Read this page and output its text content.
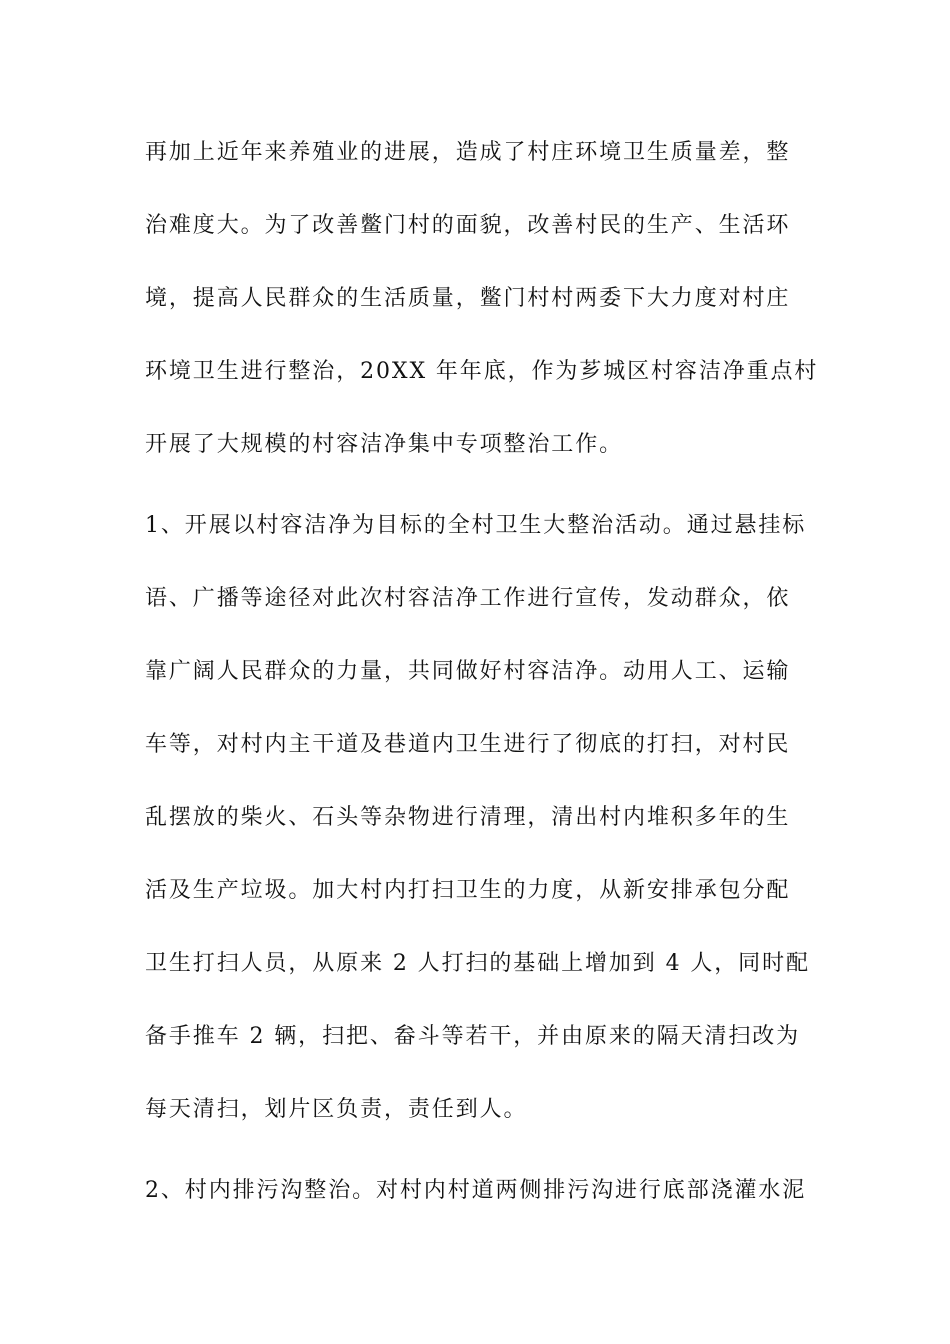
再加上近年来养殖业的进展，造成了村庄环境卫生质量差，整
治难度大。为了改善鳖门村的面貌，改善村民的生产、生活环
境，提高人民群众的生活质量，鳖门村村两委下大力度对村庄
环境卫生进行整治，20XX 年年底，作为芗城区村容洁净重点村
开展了大规模的村容洁净集中专项整治工作。
1、开展以村容洁净为目标的全村卫生大整治活动。通过悬挂标
语、广播等途径对此次村容洁净工作进行宣传，发动群众，依
靠广阔人民群众的力量，共同做好村容洁净。动用人工、运输
车等，对村内主干道及巷道内卫生进行了彻底的打扫，对村民
乱摆放的柴火、石头等杂物进行清理，清出村内堆积多年的生
活及生产垃圾。加大村内打扫卫生的力度，从新安排承包分配
卫生打扫人员，从原来 2 人打扫的基础上增加到 4 人，同时配
备手推车 2 辆，扫把、畚斗等若干，并由原来的隔天清扫改为
每天清扫，划片区负责，责任到人。
2、村内排污沟整治。对村内村道两侧排污沟进行底部浇灌水泥
